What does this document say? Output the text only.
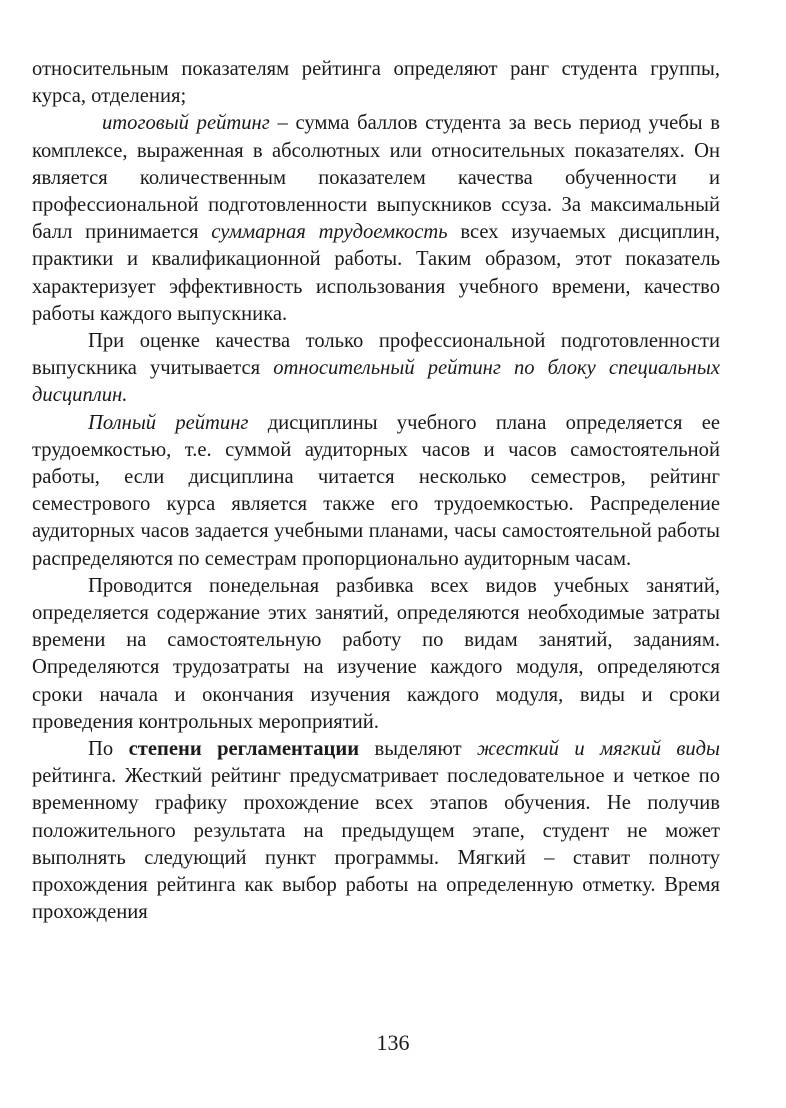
относительным показателям рейтинга определяют ранг студента группы, курса, отделения;

итоговый рейтинг – сумма баллов студента за весь период учебы в комплексе, выраженная в абсолютных или относительных показателях. Он является количественным показателем качества обученности и профессиональной подготовленности выпускников ссуза. За максимальный балл принимается суммарная трудоемкость всех изучаемых дисциплин, практики и квалификационной работы. Таким образом, этот показатель характеризует эффективность использования учебного времени, качество работы каждого выпускника.

При оценке качества только профессиональной подготовленности выпускника учитывается относительный рейтинг по блоку специальных дисциплин.

Полный рейтинг дисциплины учебного плана определяется ее трудоемкостью, т.е. суммой аудиторных часов и часов самостоятельной работы, если дисциплина читается несколько семестров, рейтинг семестрового курса является также его трудоемкостью. Распределение аудиторных часов задается учебными планами, часы самостоятельной работы распределяются по семестрам пропорционально аудиторным часам.

Проводится понедельная разбивка всех видов учебных занятий, определяется содержание этих занятий, определяются необходимые затраты времени на самостоятельную работу по видам занятий, заданиям. Определяются трудозатраты на изучение каждого модуля, определяются сроки начала и окончания изучения каждого модуля, виды и сроки проведения контрольных мероприятий.

По степени регламентации выделяют жесткий и мягкий виды рейтинга. Жесткий рейтинг предусматривает последовательное и четкое по временному графику прохождение всех этапов обучения. Не получив положительного результата на предыдущем этапе, студент не может выполнять следующий пункт программы. Мягкий – ставит полноту прохождения рейтинга как выбор работы на определенную отметку. Время прохождения

136
